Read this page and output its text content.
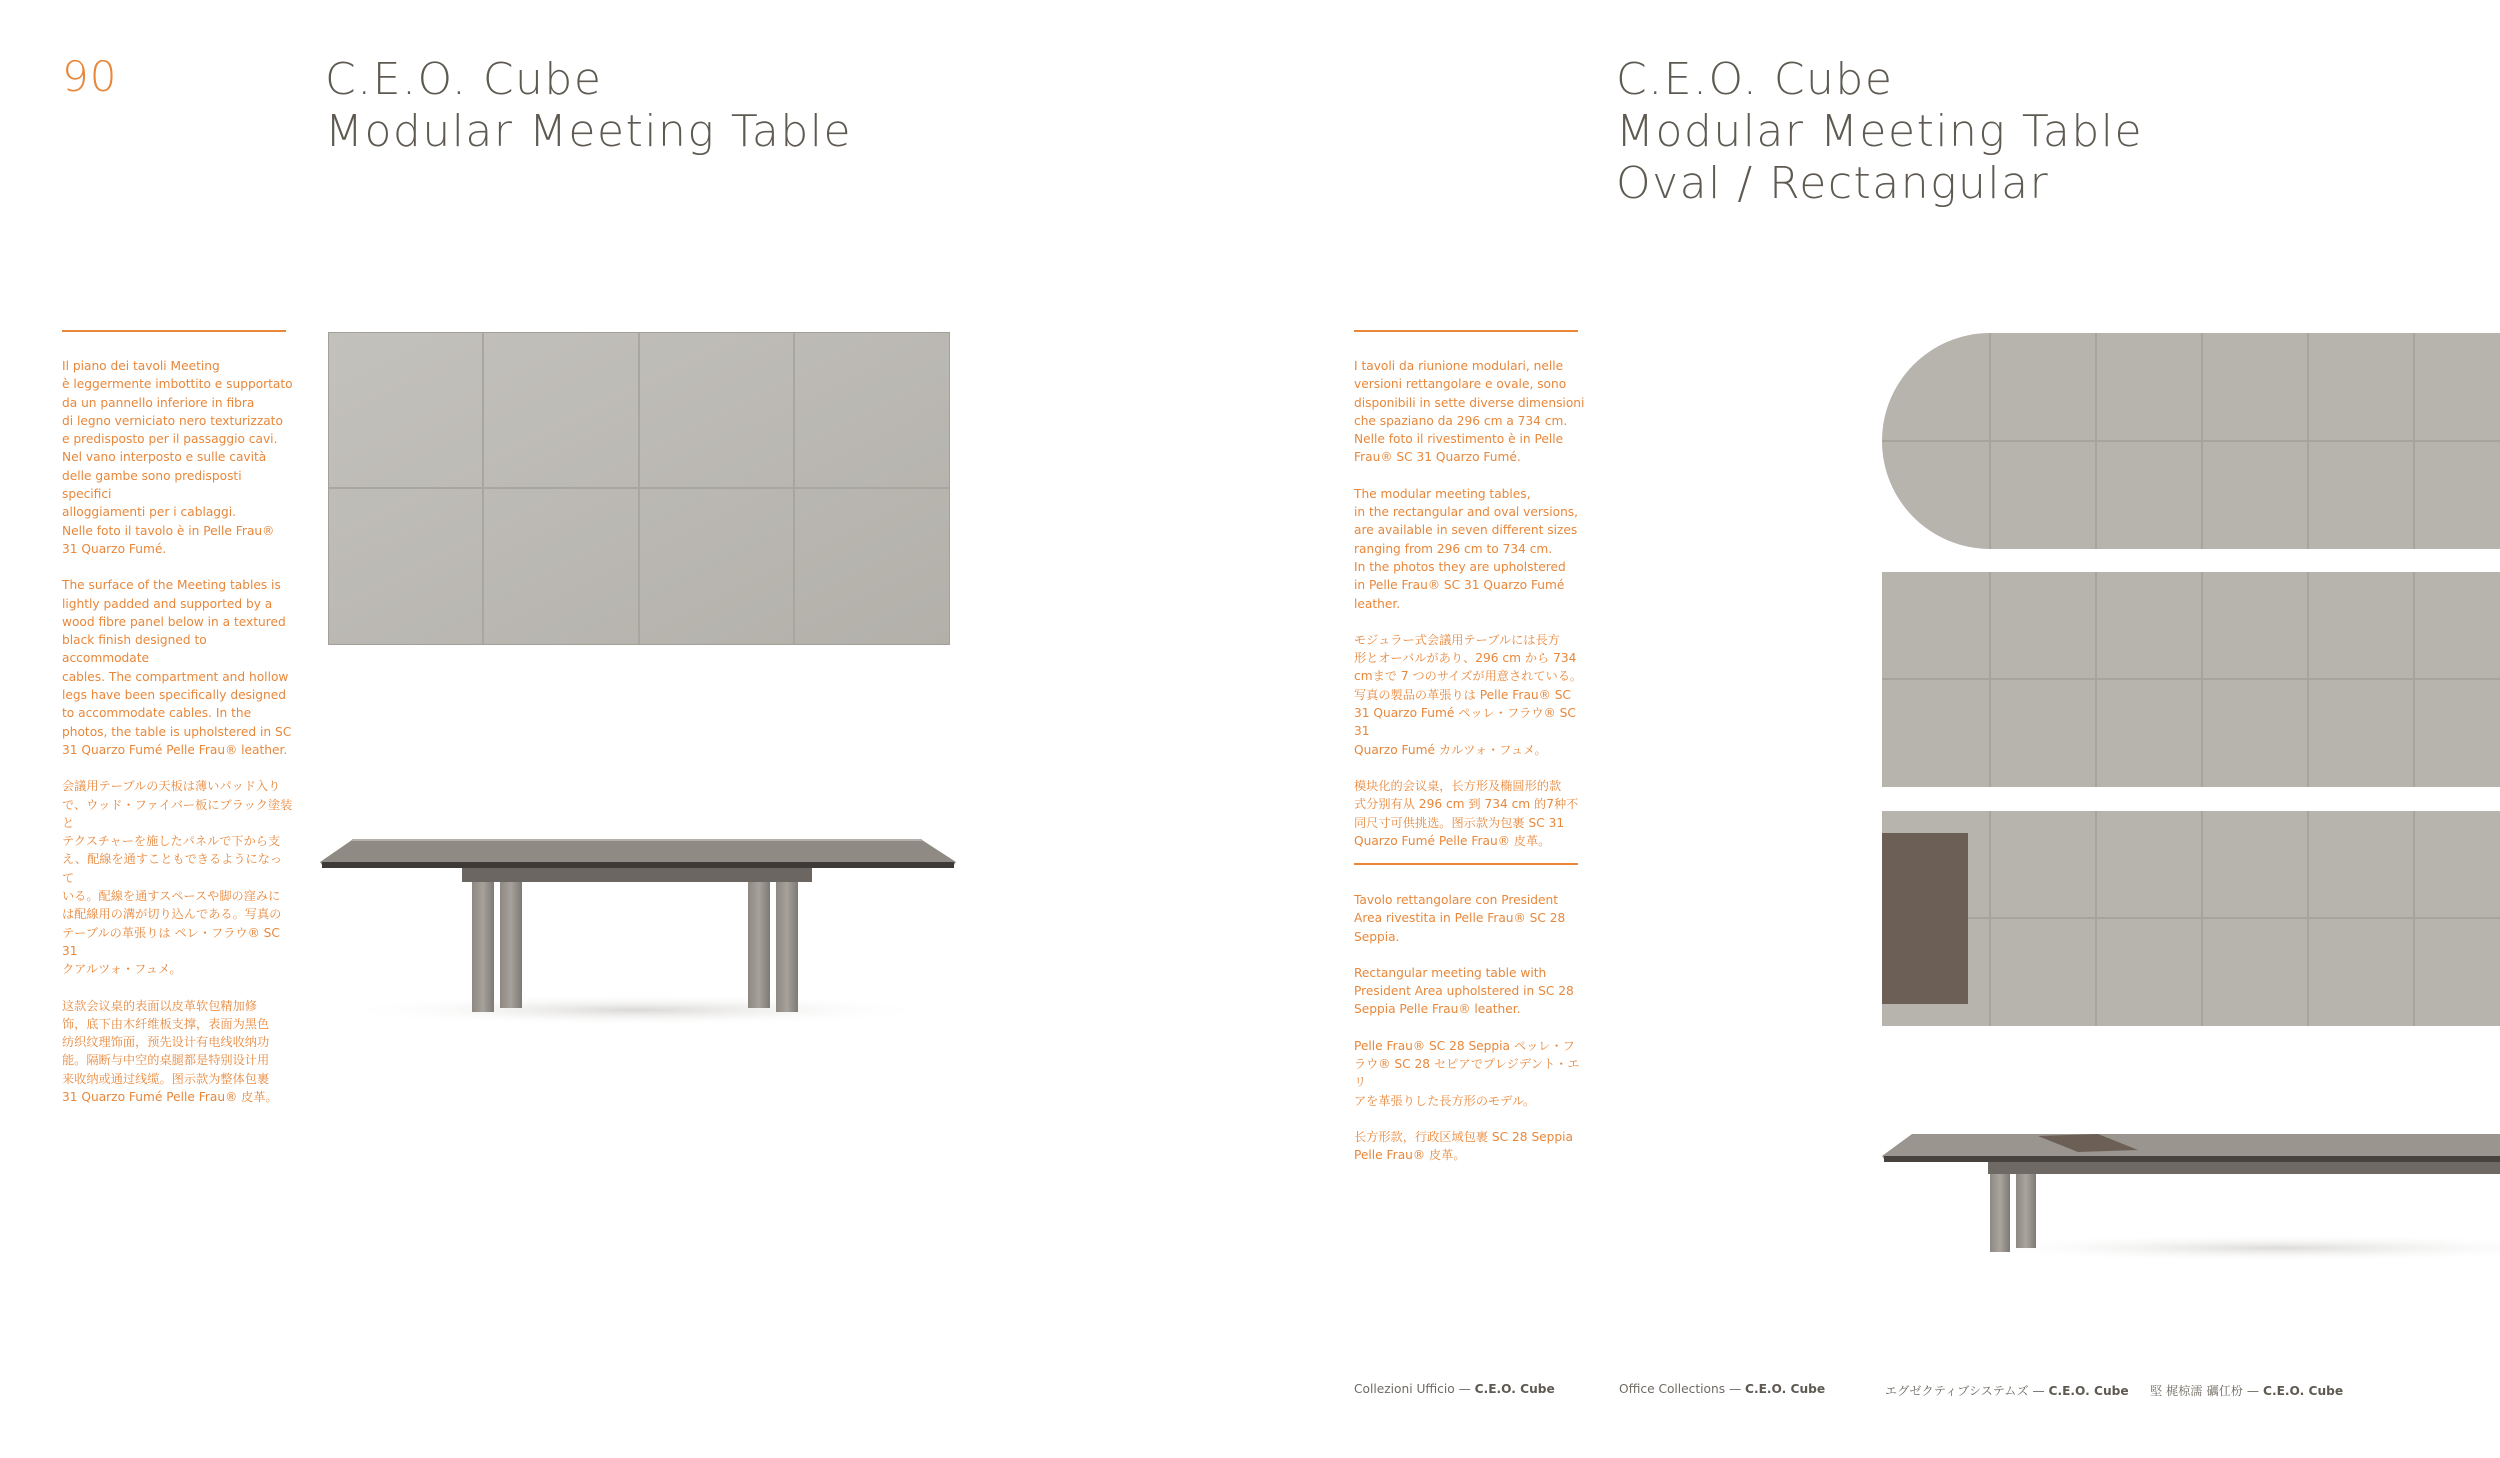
90	C.E.O. Cube
Modular Meeting Table
C.E.O. Cube
Modular Meeting Table
Oval / Rectangular

Il piano dei tavoli Meeting
è leggermente imbottito e supportato
da un pannello inferiore in fibra
di legno verniciato nero texturizzato
e predisposto per il passaggio cavi.
Nel vano interposto e sulle cavità
delle gambe sono predisposti specifici
alloggiamenti per i cablaggi.
Nelle foto il tavolo è in Pelle Frau®
31 Quarzo Fumé.

The surface of the Meeting tables is
lightly padded and supported by a
wood fibre panel below in a textured
black finish designed to accommodate
cables. The compartment and hollow
legs have been specifically designed
to accommodate cables. In the
photos, the table is upholstered in SC
31 Quarzo Fumé Pelle Frau® leather.

会議用テーブルの天板は薄いパッド入り
で、ウッド・ファイバー板にブラック塗装と
テクスチャーを施したパネルで下から支
え、配線を通すこともできるようになって
いる。配線を通すスペースや脚の窪みに
は配線用の溝が切り込んである。写真の
テーブルの革張りは ペレ・フラウ® SC 31
クアルツォ・フュメ。

这款会议桌的表面以皮革软包精加修
饰，底下由木纤维板支撑，表面为黑色
纺织纹理饰面，预先设计有电线收纳功
能。隔断与中空的桌腿都是特别设计用
来收纳或通过线缆。图示款为整体包裹
31 Quarzo Fumé Pelle Frau® 皮革。

I tavoli da riunione modulari, nelle
versioni rettangolare e ovale, sono
disponibili in sette diverse dimensioni
che spaziano da 296 cm a 734 cm.
Nelle foto il rivestimento è in Pelle
Frau® SC 31 Quarzo Fumé.

The modular meeting tables,
in the rectangular and oval versions,
are available in seven different sizes
ranging from 296 cm to 734 cm.
In the photos they are upholstered
in Pelle Frau® SC 31 Quarzo Fumé
leather.

モジュラー式会議用テーブルには長方
形とオーバルがあり、296 cm から 734
cmまで 7 つのサイズが用意されている。
写真の製品の革張りは Pelle Frau® SC
31 Quarzo Fumé ペッレ・フラウ® SC 31
Quarzo Fumé カルツォ・フュメ。

模块化的会议桌，长方形及椭圆形的款
式分别有从 296 cm 到 734 cm 的7种不
同尺寸可供挑选。图示款为包裹 SC 31
Quarzo Fumé Pelle Frau® 皮革。

Tavolo rettangolare con President
Area rivestita in Pelle Frau® SC 28
Seppia.

Rectangular meeting table with
President Area upholstered in SC 28
Seppia Pelle Frau® leather.

Pelle Frau® SC 28 Seppia ペッレ・フ
ラウ® SC 28 セピアでプレジデント・エリ
アを革張りした長方形のモデル。

长方形款，行政区域包裹 SC 28 Seppia
Pelle Frau® 皮革。

Collezioni Ufficio — C.E.O. Cube	Office Collections — C.E.O. Cube	エグゼクティブシステムズ — C.E.O. Cube 堅 梶椋濡 礪仜枌 — C.E.O. Cube
